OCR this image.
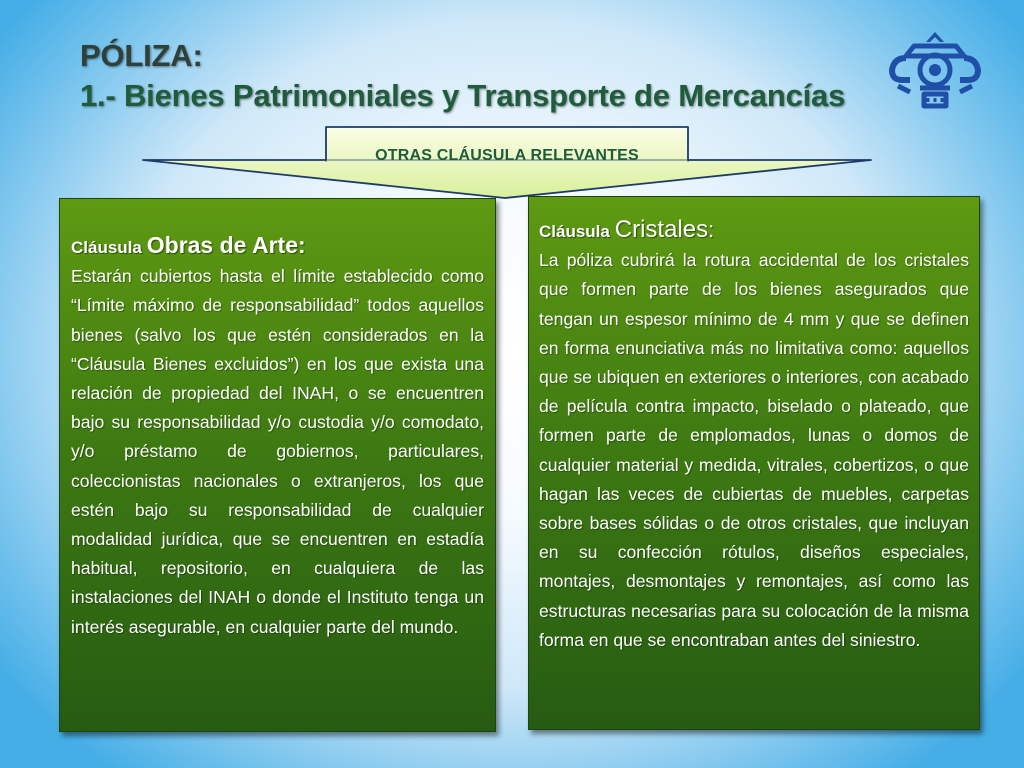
PÓLIZA:
1.- Bienes Patrimoniales y Transporte de Mercancías
OTRAS CLÁUSULA RELEVANTES

Cláusula Obras de Arte:

Estarán cubiertos hasta el límite establecido como “Límite máximo de responsabilidad” todos aquellos bienes (salvo los que estén considerados en la “Cláusula Bienes excluidos”) en los que exista una relación de propiedad del INAH, o se encuentren bajo su responsabilidad y/o custodia y/o comodato, y/o préstamo de gobiernos, particulares, coleccionistas nacionales o extranjeros, los que estén bajo su responsabilidad de cualquier modalidad jurídica, que se encuentren en estadía habitual, repositorio, en cualquiera de las instalaciones del INAH o donde el Instituto tenga un interés asegurable, en cualquier parte del mundo.

Cláusula Cristales:

La póliza cubrirá la rotura accidental de los cristales que formen parte de los bienes asegurados que tengan un espesor mínimo de 4 mm y que se definen en forma enunciativa más no limitativa como: aquellos que se ubiquen en exteriores o interiores, con acabado de película contra impacto, biselado o plateado, que formen parte de emplomados, lunas o domos de cualquier material y medida, vitrales, cobertizos, o que hagan las veces de cubiertas de muebles, carpetas sobre bases sólidas o de otros cristales, que incluyan en su confección rótulos, diseños especiales, montajes, desmontajes y remontajes, así como las estructuras necesarias para su colocación de la misma forma en que se encontraban antes del siniestro.
